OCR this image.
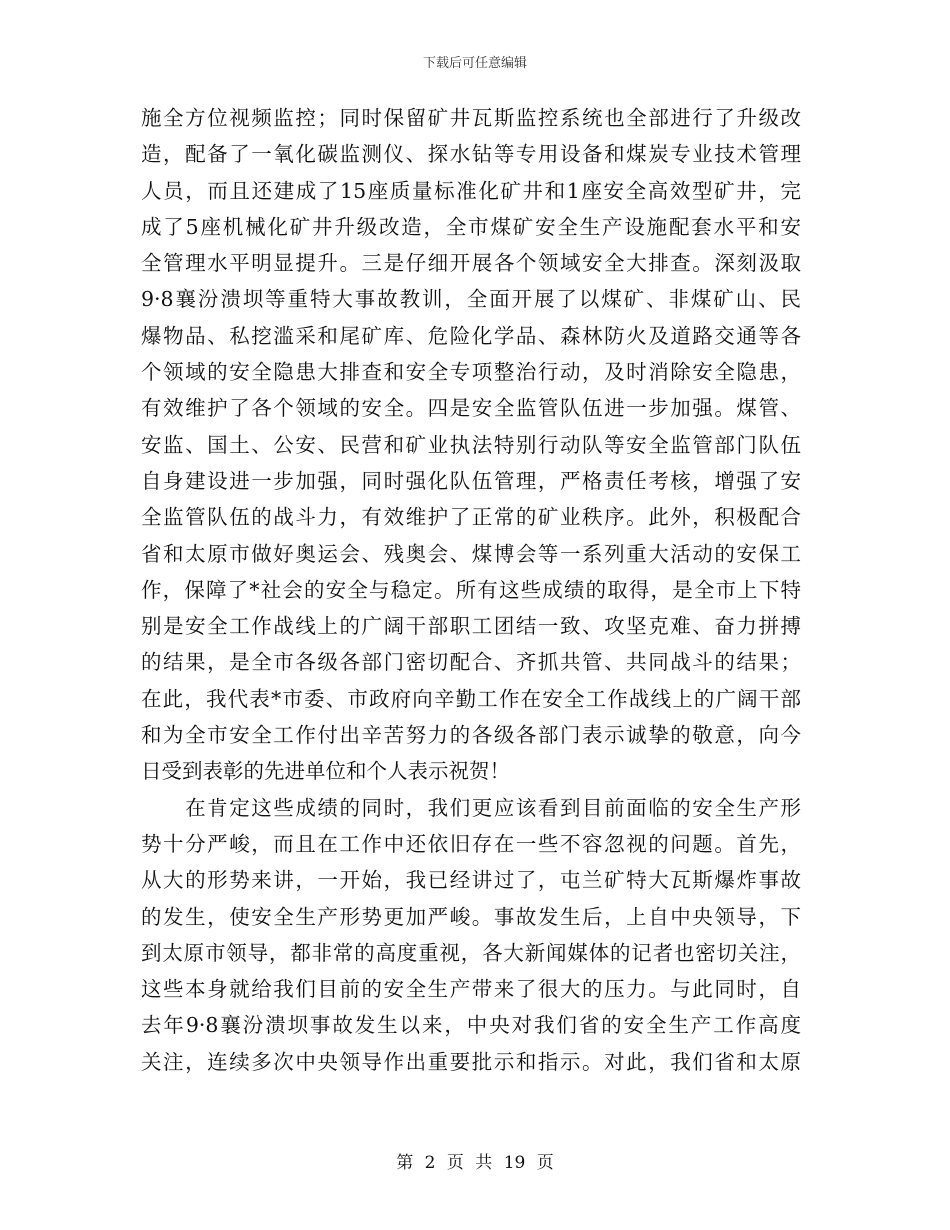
下载后可任意编辑
施全方位视频监控；同时保留矿井瓦斯监控系统也全部进行了升级改
造，配备了一氧化碳监测仪、探水钻等专用设备和煤炭专业技术管理
人员，而且还建成了15座质量标准化矿井和1座安全高效型矿井，完
成了5座机械化矿井升级改造，全市煤矿安全生产设施配套水平和安
全管理水平明显提升。三是仔细开展各个领域安全大排查。深刻汲取
9·8襄汾溃坝等重特大事故教训，全面开展了以煤矿、非煤矿山、民
爆物品、私挖滥采和尾矿库、危险化学品、森林防火及道路交通等各
个领域的安全隐患大排查和安全专项整治行动，及时消除安全隐患，
有效维护了各个领域的安全。四是安全监管队伍进一步加强。煤管、
安监、国土、公安、民营和矿业执法特别行动队等安全监管部门队伍
自身建设进一步加强，同时强化队伍管理，严格责任考核，增强了安
全监管队伍的战斗力，有效维护了正常的矿业秩序。此外，积极配合
省和太原市做好奥运会、残奥会、煤博会等一系列重大活动的安保工
作，保障了*社会的安全与稳定。所有这些成绩的取得，是全市上下特
别是安全工作战线上的广阔干部职工团结一致、攻坚克难、奋力拼搏
的结果，是全市各级各部门密切配合、齐抓共管、共同战斗的结果；
在此，我代表*市委、市政府向辛勤工作在安全工作战线上的广阔干部
和为全市安全工作付出辛苦努力的各级各部门表示诚挚的敬意，向今
日受到表彰的先进单位和个人表示祝贺！
　　在肯定这些成绩的同时，我们更应该看到目前面临的安全生产形
势十分严峻，而且在工作中还依旧存在一些不容忽视的问题。首先，
从大的形势来讲，一开始，我已经讲过了，屯兰矿特大瓦斯爆炸事故
的发生，使安全生产形势更加严峻。事故发生后，上自中央领导，下
到太原市领导，都非常的高度重视，各大新闻媒体的记者也密切关注，
这些本身就给我们目前的安全生产带来了很大的压力。与此同时，自
去年9·8襄汾溃坝事故发生以来，中央对我们省的安全生产工作高度
关注，连续多次中央领导作出重要批示和指示。对此，我们省和太原
第 2 页 共 19 页
